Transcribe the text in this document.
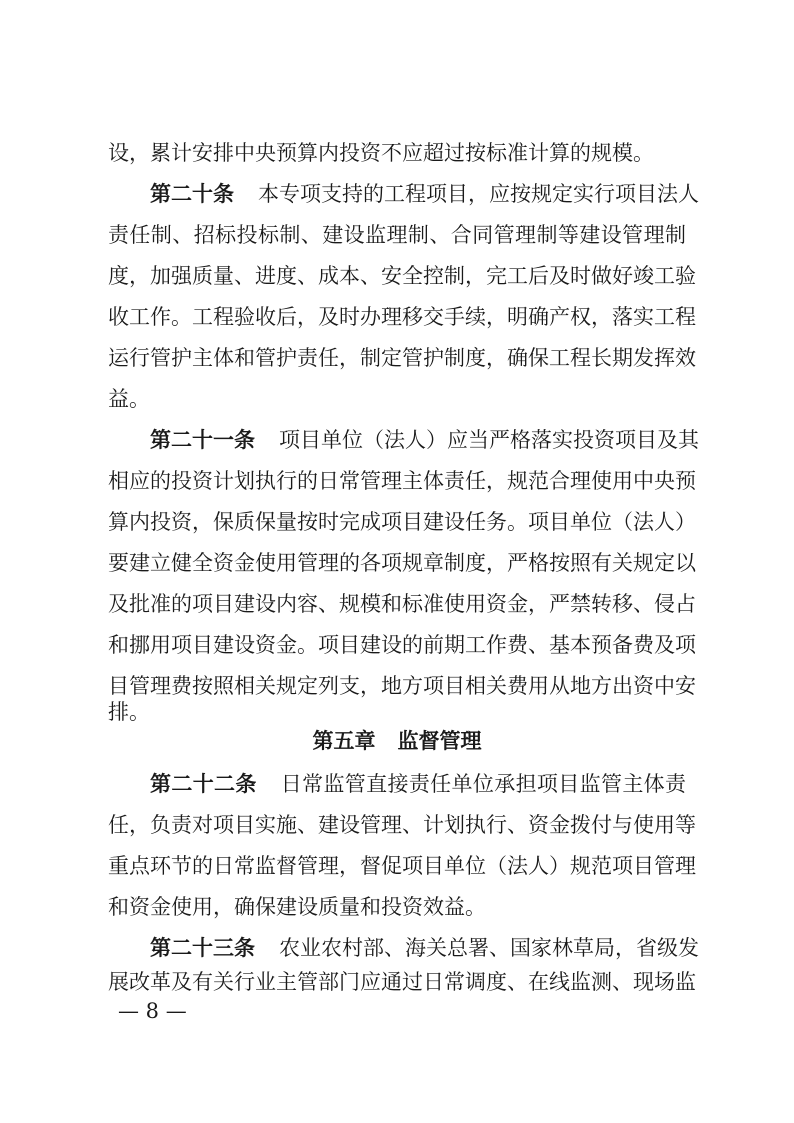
设，累计安排中央预算内投资不应超过按标准计算的规模。
第二十条 本专项支持的工程项目，应按规定实行项目法人
责任制、招标投标制、建设监理制、合同管理制等建设管理制
度，加强质量、进度、成本、安全控制，完工后及时做好竣工验
收工作。工程验收后，及时办理移交手续，明确产权，落实工程
运行管护主体和管护责任，制定管护制度，确保工程长期发挥效
益。
第二十一条 项目单位（法人）应当严格落实投资项目及其
相应的投资计划执行的日常管理主体责任，规范合理使用中央预
算内投资，保质保量按时完成项目建设任务。项目单位（法人）
要建立健全资金使用管理的各项规章制度，严格按照有关规定以
及批准的项目建设内容、规模和标准使用资金，严禁转移、侵占
和挪用项目建设资金。项目建设的前期工作费、基本预备费及项
目管理费按照相关规定列支，地方项目相关费用从地方出资中安
排。
第五章 监督管理
第二十二条 日常监管直接责任单位承担项目监管主体责
任，负责对项目实施、建设管理、计划执行、资金拨付与使用等
重点环节的日常监督管理，督促项目单位（法人）规范项目管理
和资金使用，确保建设质量和投资效益。
第二十三条 农业农村部、海关总署、国家林草局，省级发
展改革及有关行业主管部门应通过日常调度、在线监测、现场监
— 8 —
